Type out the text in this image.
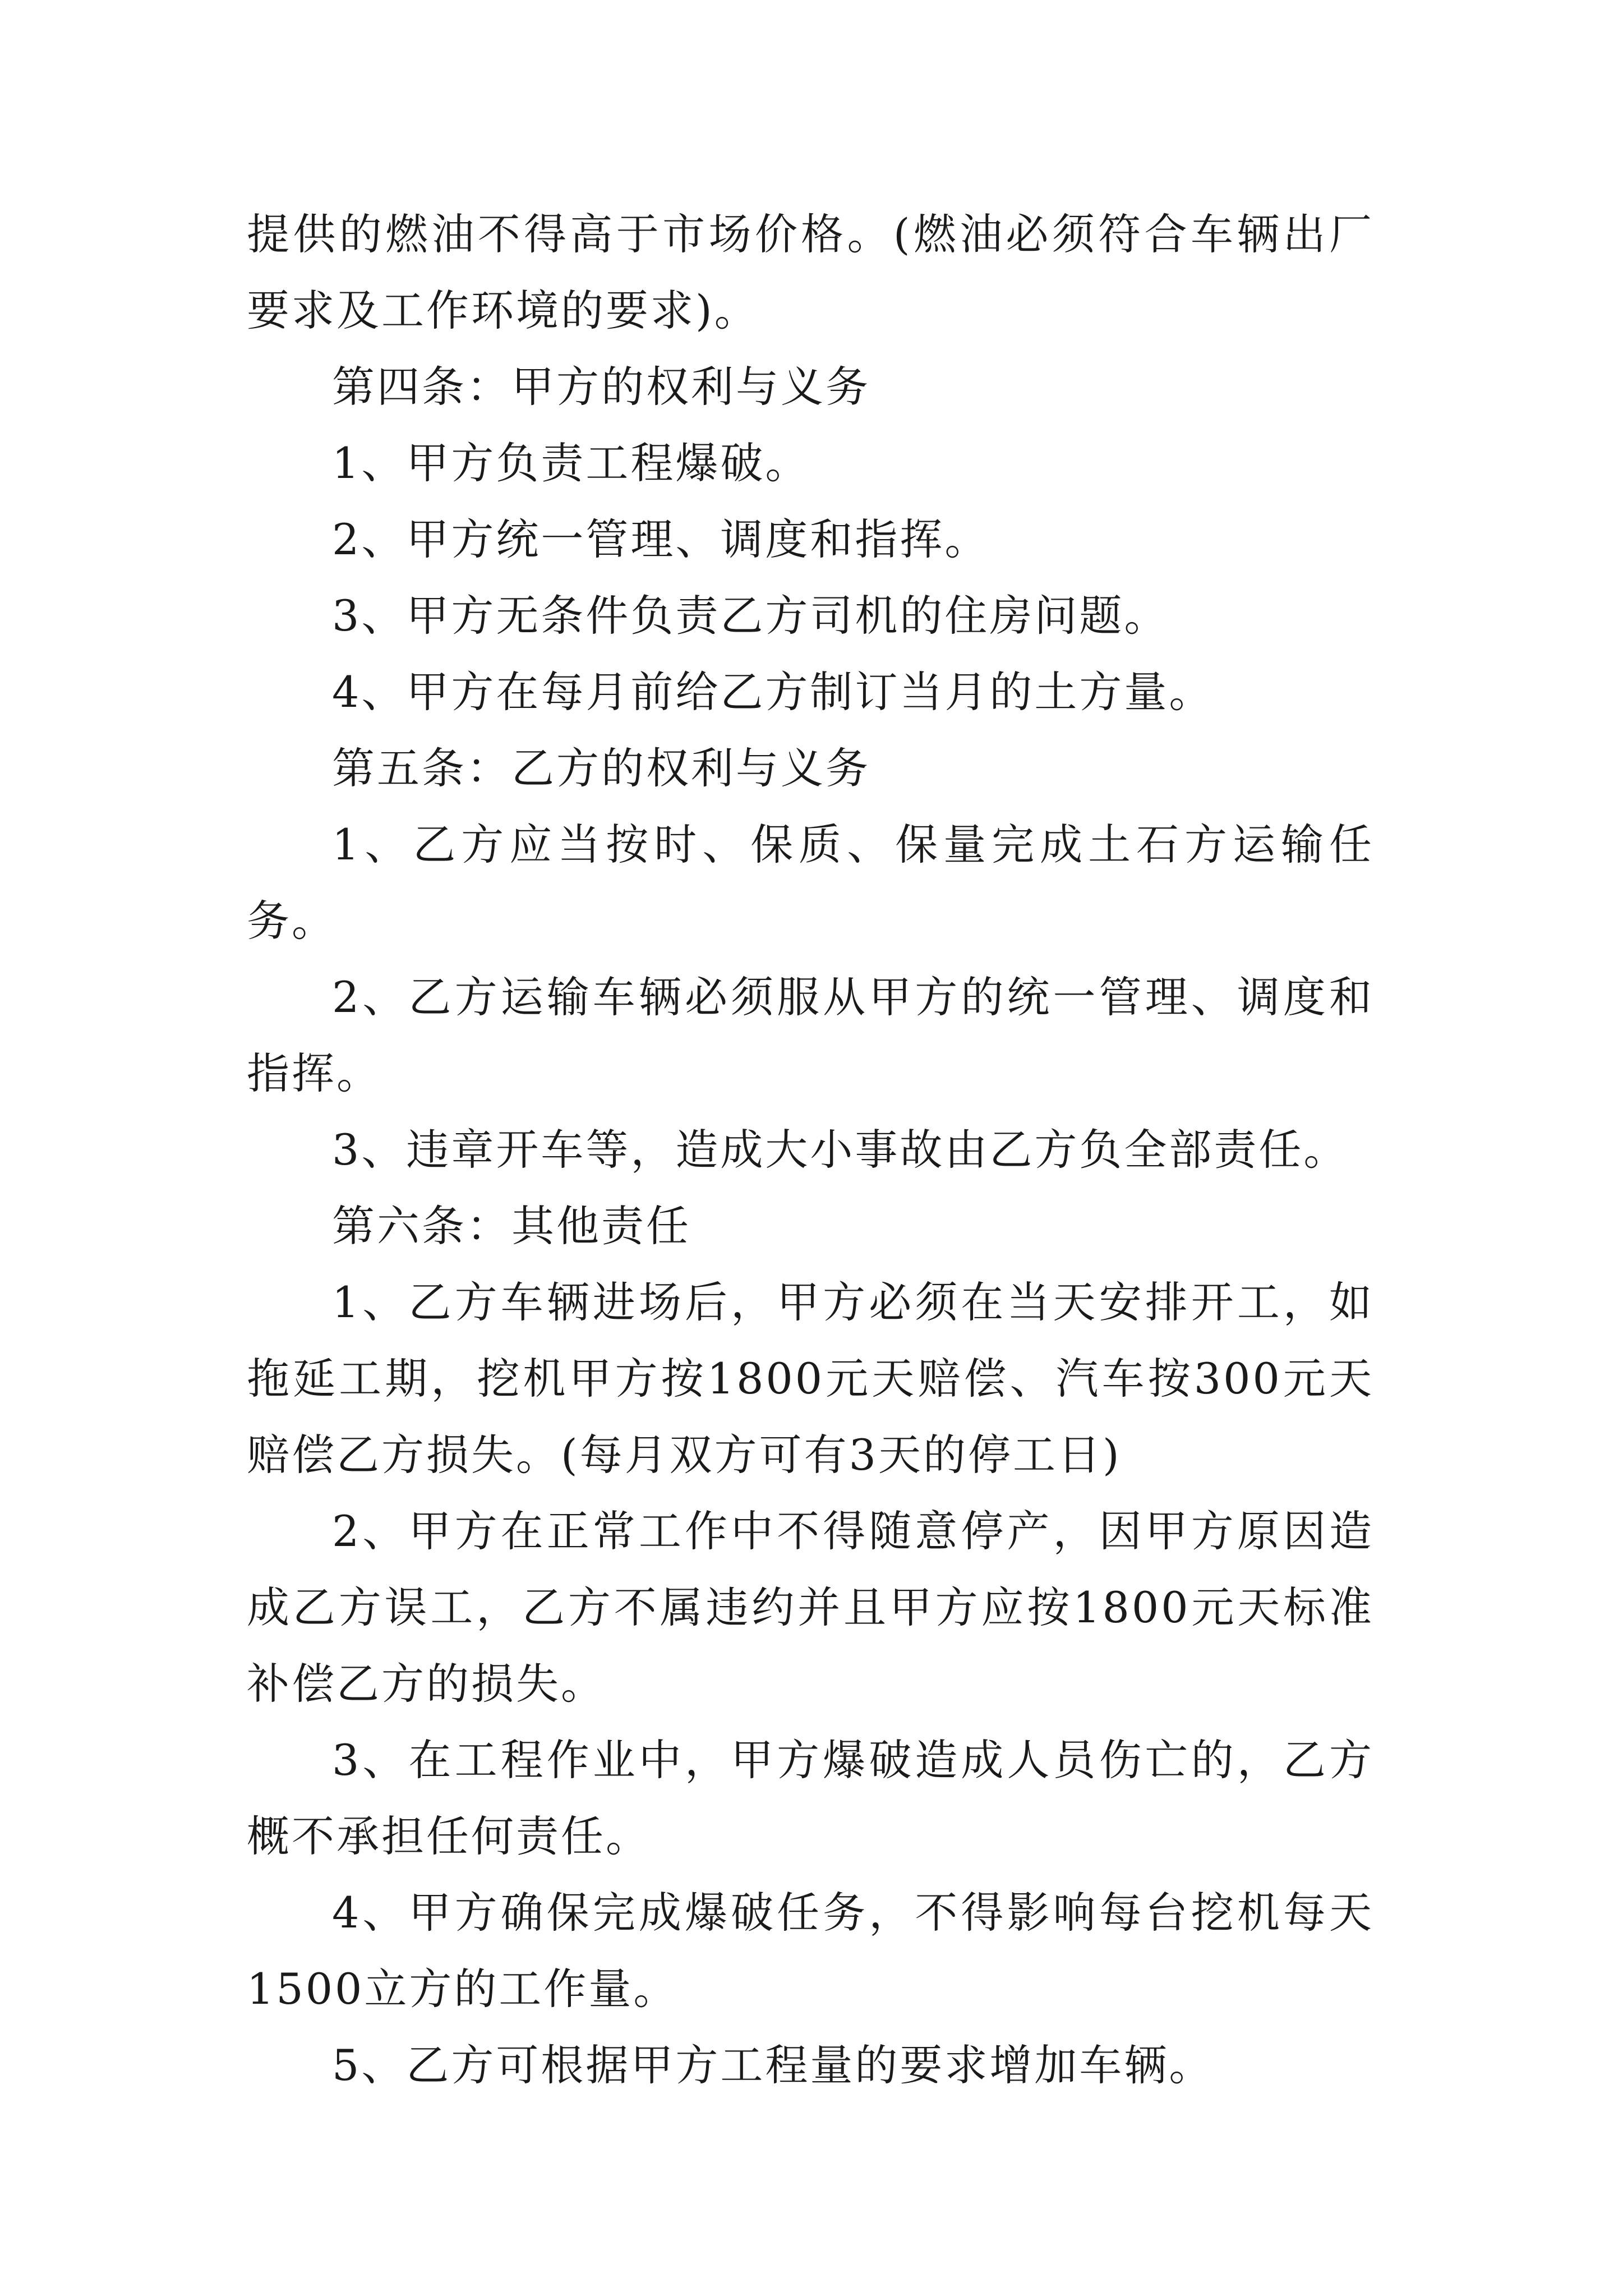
提供的燃油不得高于市场价格。(燃油必须符合车辆出厂要求及工作环境的要求)。

第四条：甲方的权利与义务

1、甲方负责工程爆破。

2、甲方统一管理、调度和指挥。

3、甲方无条件负责乙方司机的住房问题。

4、甲方在每月前给乙方制订当月的土方量。

第五条：乙方的权利与义务

1、乙方应当按时、保质、保量完成土石方运输任务。

2、乙方运输车辆必须服从甲方的统一管理、调度和指挥。

3、违章开车等，造成大小事故由乙方负全部责任。

第六条：其他责任

1、乙方车辆进场后，甲方必须在当天安排开工，如拖延工期，挖机甲方按1800元天赔偿、汽车按300元天赔偿乙方损失。(每月双方可有3天的停工日)

2、甲方在正常工作中不得随意停产，因甲方原因造成乙方误工，乙方不属违约并且甲方应按1800元天标准补偿乙方的损失。

3、在工程作业中，甲方爆破造成人员伤亡的，乙方概不承担任何责任。

4、甲方确保完成爆破任务，不得影响每台挖机每天1500立方的工作量。

5、乙方可根据甲方工程量的要求增加车辆。
